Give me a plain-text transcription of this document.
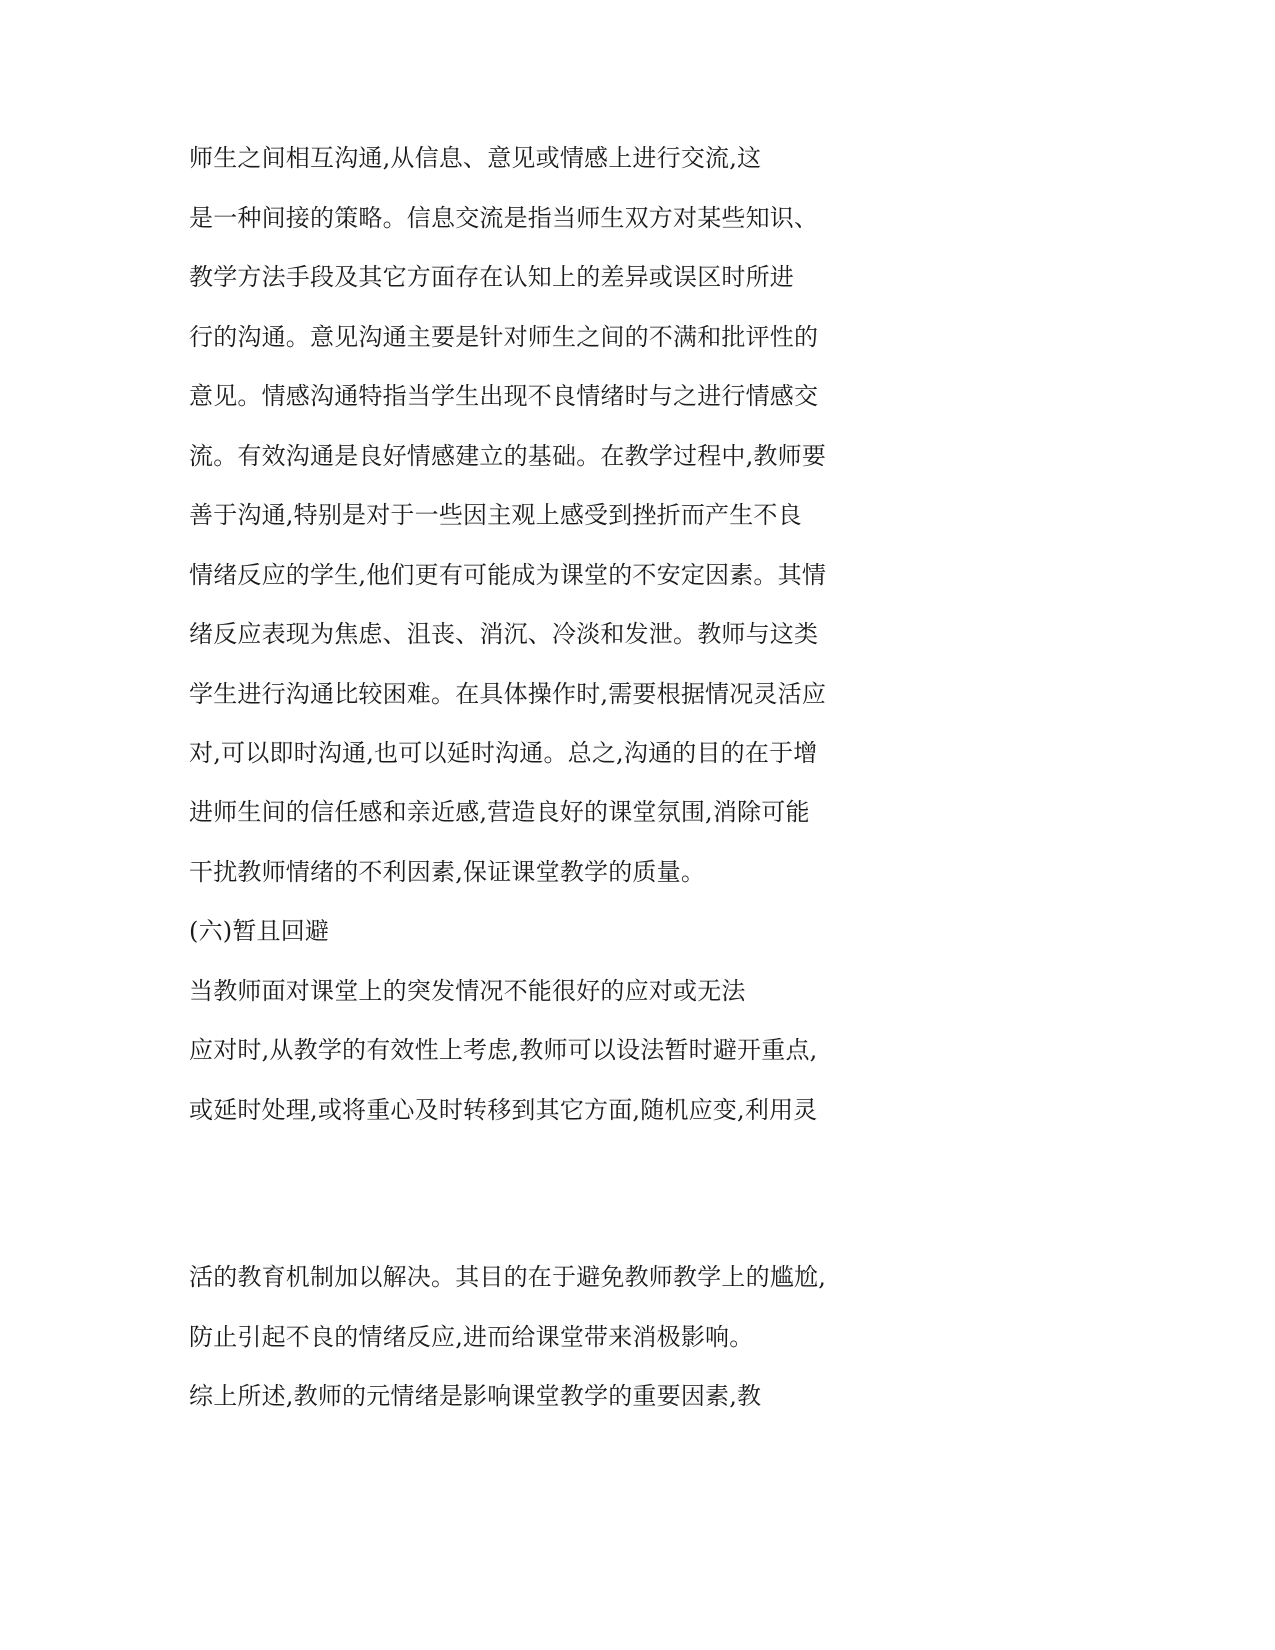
师生之间相互沟通,从信息、意见或情感上进行交流,这

是一种间接的策略。信息交流是指当师生双方对某些知识、

教学方法手段及其它方面存在认知上的差异或误区时所进

行的沟通。意见沟通主要是针对师生之间的不满和批评性的

意见。情感沟通特指当学生出现不良情绪时与之进行情感交

流。有效沟通是良好情感建立的基础。在教学过程中,教师要

善于沟通,特别是对于一些因主观上感受到挫折而产生不良

情绪反应的学生,他们更有可能成为课堂的不安定因素。其情

绪反应表现为焦虑、沮丧、消沉、冷淡和发泄。教师与这类

学生进行沟通比较困难。在具体操作时,需要根据情况灵活应

对,可以即时沟通,也可以延时沟通。总之,沟通的目的在于增

进师生间的信任感和亲近感,营造良好的课堂氛围,消除可能

干扰教师情绪的不利因素,保证课堂教学的质量。

(六)暂且回避

当教师面对课堂上的突发情况不能很好的应对或无法

应对时,从教学的有效性上考虑,教师可以设法暂时避开重点,

或延时处理,或将重心及时转移到其它方面,随机应变,利用灵

活的教育机制加以解决。其目的在于避免教师教学上的尴尬,

防止引起不良的情绪反应,进而给课堂带来消极影响。

综上所述,教师的元情绪是影响课堂教学的重要因素,教
